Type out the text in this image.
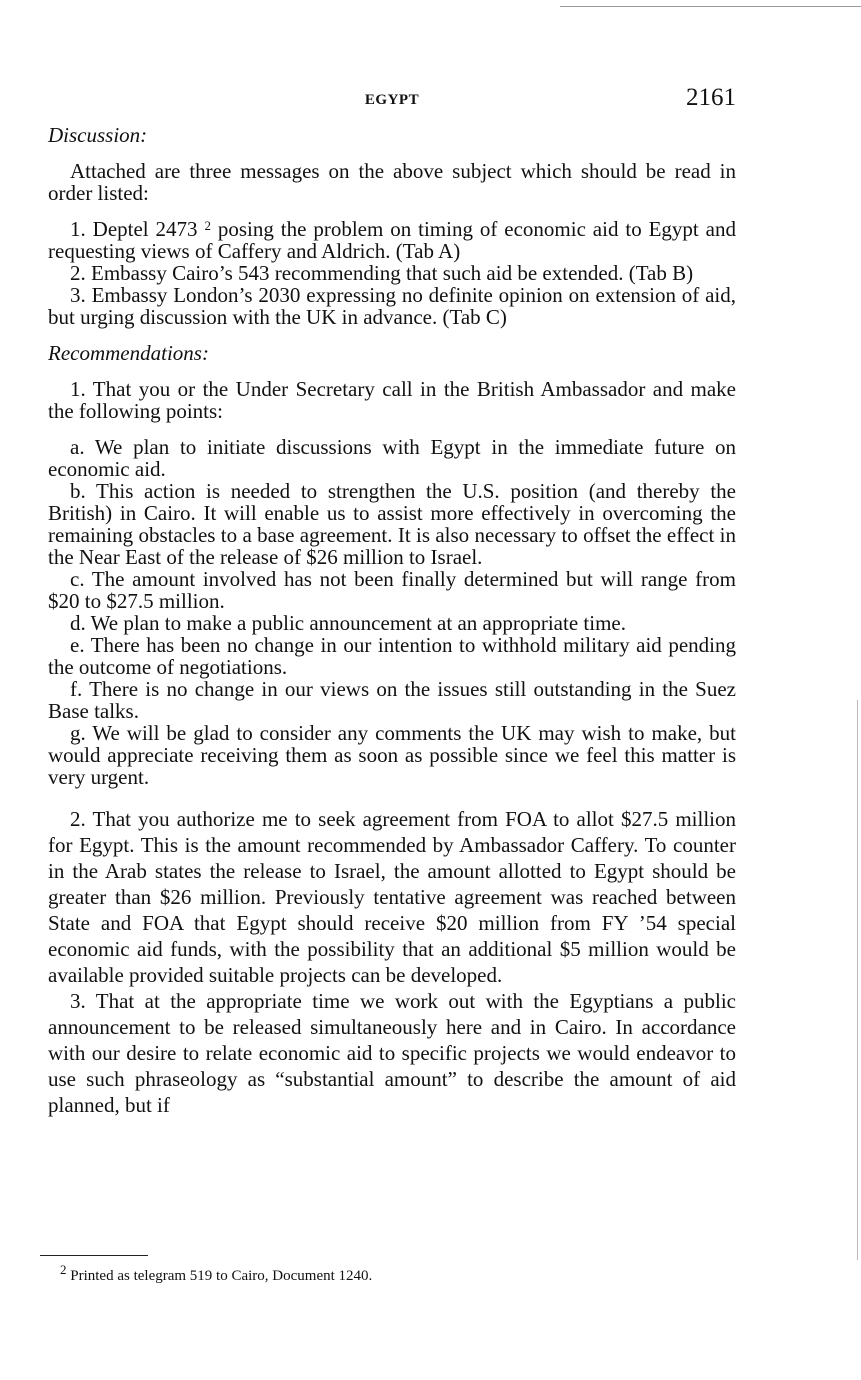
EGYPT	2161

Discussion:

Attached are three messages on the above subject which should be read in order listed:

1. Deptel 2473 $^2$ posing the problem on timing of economic aid to Egypt and requesting views of Caffery and Aldrich. (Tab A)

2. Embassy Cairo’s 543 recommending that such aid be extended. (Tab B)

3. Embassy London’s 2030 expressing no definite opinion on extension of aid, but urging discussion with the UK in advance. (Tab C)

Recommendations:

1. That you or the Under Secretary call in the British Ambassador and make the following points:

a. We plan to initiate discussions with Egypt in the immediate future on economic aid.

b. This action is needed to strengthen the U.S. position (and thereby the British) in Cairo. It will enable us to assist more effectively in overcoming the remaining obstacles to a base agreement. It is also necessary to offset the effect in the Near East of the release of $26 million to Israel.

c. The amount involved has not been finally determined but will range from $20 to $27.5 million.

d. We plan to make a public announcement at an appropriate time.

e. There has been no change in our intention to withhold military aid pending the outcome of negotiations.

f. There is no change in our views on the issues still outstanding in the Suez Base talks.

g. We will be glad to consider any comments the UK may wish to make, but would appreciate receiving them as soon as possible since we feel this matter is very urgent.

2. That you authorize me to seek agreement from FOA to allot $27.5 million for Egypt. This is the amount recommended by Ambassador Caffery. To counter in the Arab states the release to Israel, the amount allotted to Egypt should be greater than $26 million. Previously tentative agreement was reached between State and FOA that Egypt should receive $20 million from FY ’54 special economic aid funds, with the possibility that an additional $5 million would be available provided suitable projects can be developed.

3. That at the appropriate time we work out with the Egyptians a public announcement to be released simultaneously here and in Cairo. In accordance with our desire to relate economic aid to specific projects we would endeavor to use such phraseology as “substantial amount” to describe the amount of aid planned, but if

$^2$ Printed as telegram 519 to Cairo, Document 1240.
